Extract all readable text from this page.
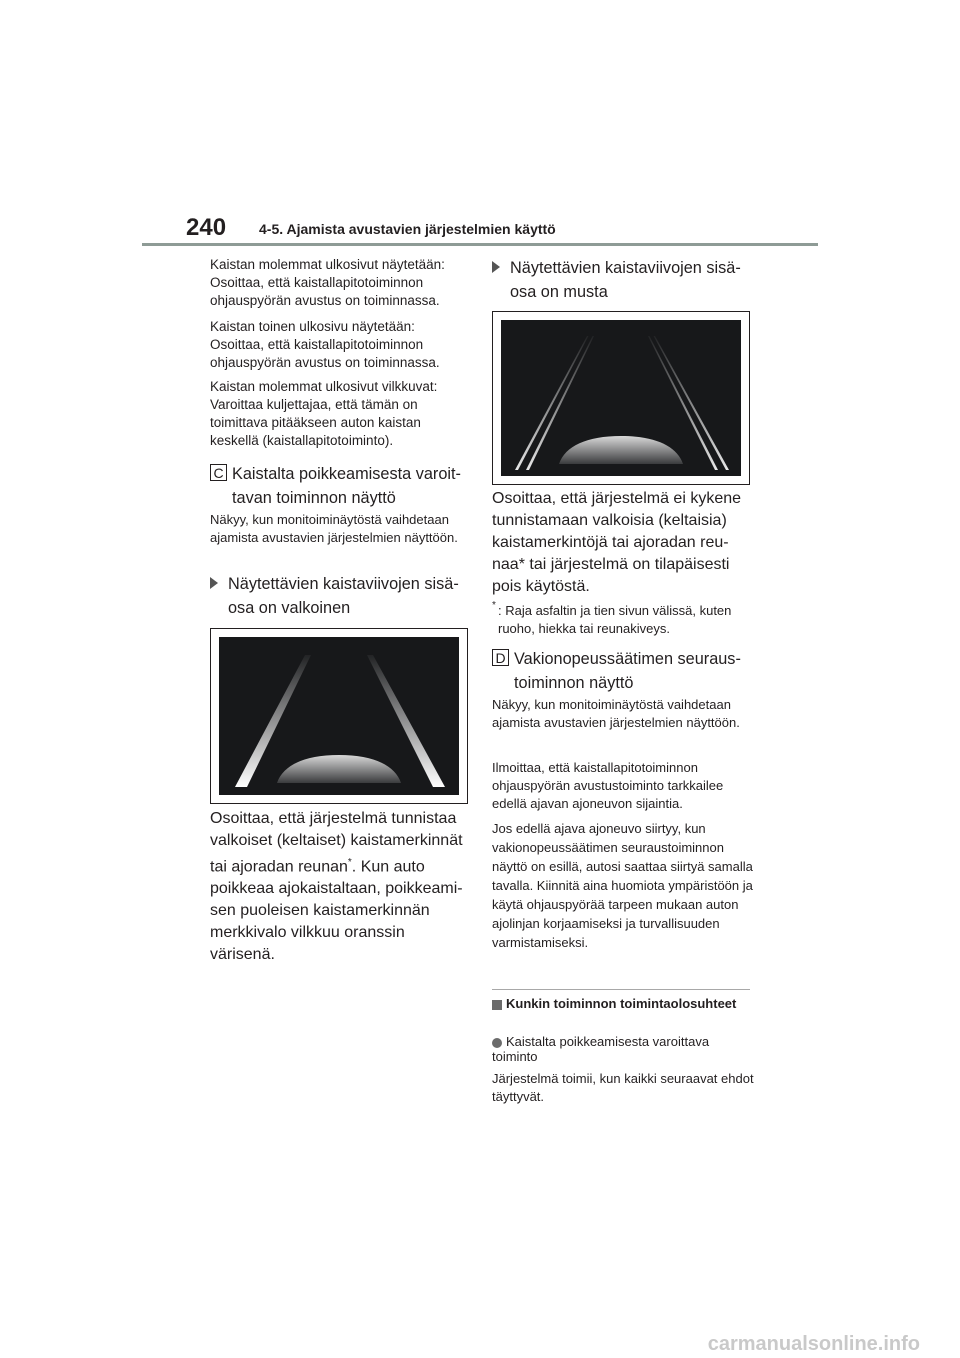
240 4-5. Ajamista avustavien järjestelmien käyttö

Kaistan molemmat ulkosivut näytetään: Osoittaa, että kaistallapitotoiminnon ohjauspyörän avustus on toiminnassa.

Kaistan toinen ulkosivu näytetään: Osoittaa, että kaistallapitotoiminnon ohjauspyörän avustus on toiminnassa.

Kaistan molemmat ulkosivut vilkkuvat: Varoittaa kuljettajaa, että tämän on toimittava pitääkseen auton kaistan keskellä (kaistallapitotoiminto).

C Kaistalta poikkeamisesta varoittavan toiminnon näyttö

Näkyy, kun monitoiminäytöstä vaihdetaan ajamista avustavien järjestelmien näyttöön.

Näytettävien kaistaviivojen sisäosa on valkoinen

Osoittaa, että järjestelmä tunnistaa valkoiset (keltaiset) kaistamerkinnät tai ajoradan reunan*. Kun auto poikkeaa ajokaistaltaan, poikkeamisen puoleisen kaistamerkinnän merkkivalo vilkkuu oranssin värisenä.

Näytettävien kaistaviivojen sisäosa on musta

Osoittaa, että järjestelmä ei kykene tunnistamaan valkoisia (keltaisia) kaistamerkintöjä tai ajoradan reunaa* tai järjestelmä on tilapäisesti pois käytöstä.

* : Raja asfaltin ja tien sivun välissä, kuten ruoho, hiekka tai reunakiveys.

D Vakionopeussäätimen seuraustoiminnon näyttö

Näkyy, kun monitoiminäytöstä vaihdetaan ajamista avustavien järjestelmien näyttöön.

Ilmoittaa, että kaistallapitotoiminnon ohjauspyörän avustustoiminto tarkkailee edellä ajavan ajoneuvon sijaintia.

Jos edellä ajava ajoneuvo siirtyy, kun vakionopeussäätimen seuraustoiminnon näyttö on esillä, autosi saattaa siirtyä samalla tavalla. Kiinnitä aina huomiota ympäristöön ja käytä ohjauspyörää tarpeen mukaan auton ajolinjan korjaamiseksi ja turvallisuuden varmistamiseksi.

Kunkin toiminnon toimintaolosuhteet
Kaistalta poikkeamisesta varoittava toiminto

Järjestelmä toimii, kun kaikki seuraavat ehdot täyttyvät.

carmanualsonline.info
